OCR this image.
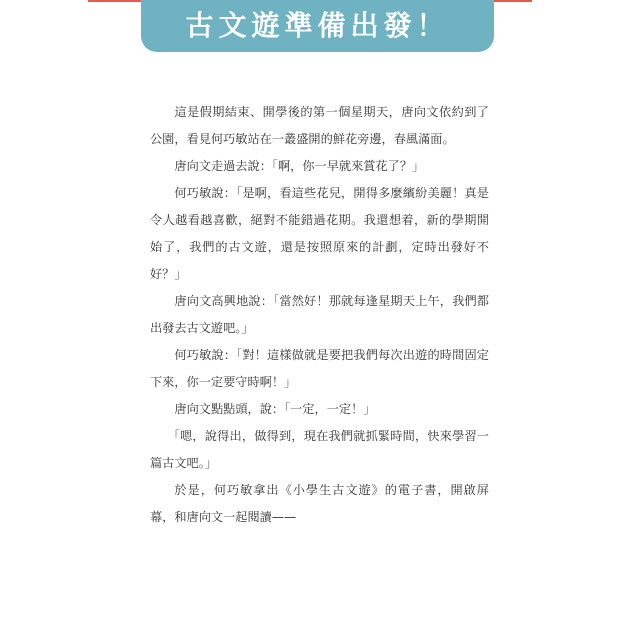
古文遊準備出發！

這是假期結束、開學後的第一個星期天，唐向文依約到了公園，看見何巧敏站在一叢盛開的鮮花旁邊，春風滿面。

唐向文走過去說：「啊，你一早就來賞花了？」

何巧敏說：「是啊，看這些花兒，開得多麼繽紛美麗！真是令人越看越喜歡，絕對不能錯過花期。我還想着，新的學期開始了，我們的古文遊，還是按照原來的計劃，定時出發好不好？」

唐向文高興地說：「當然好！那就每逢星期天上午，我們都出發去古文遊吧。」

何巧敏說：「對！這樣做就是要把我們每次出遊的時間固定下來，你一定要守時啊！」

唐向文點點頭，說：「一定，一定！」

「嗯，說得出，做得到，現在我們就抓緊時間，快來學習一篇古文吧。」

於是，何巧敏拿出《小學生古文遊》的電子書，開啟屏幕，和唐向文一起閱讀——
